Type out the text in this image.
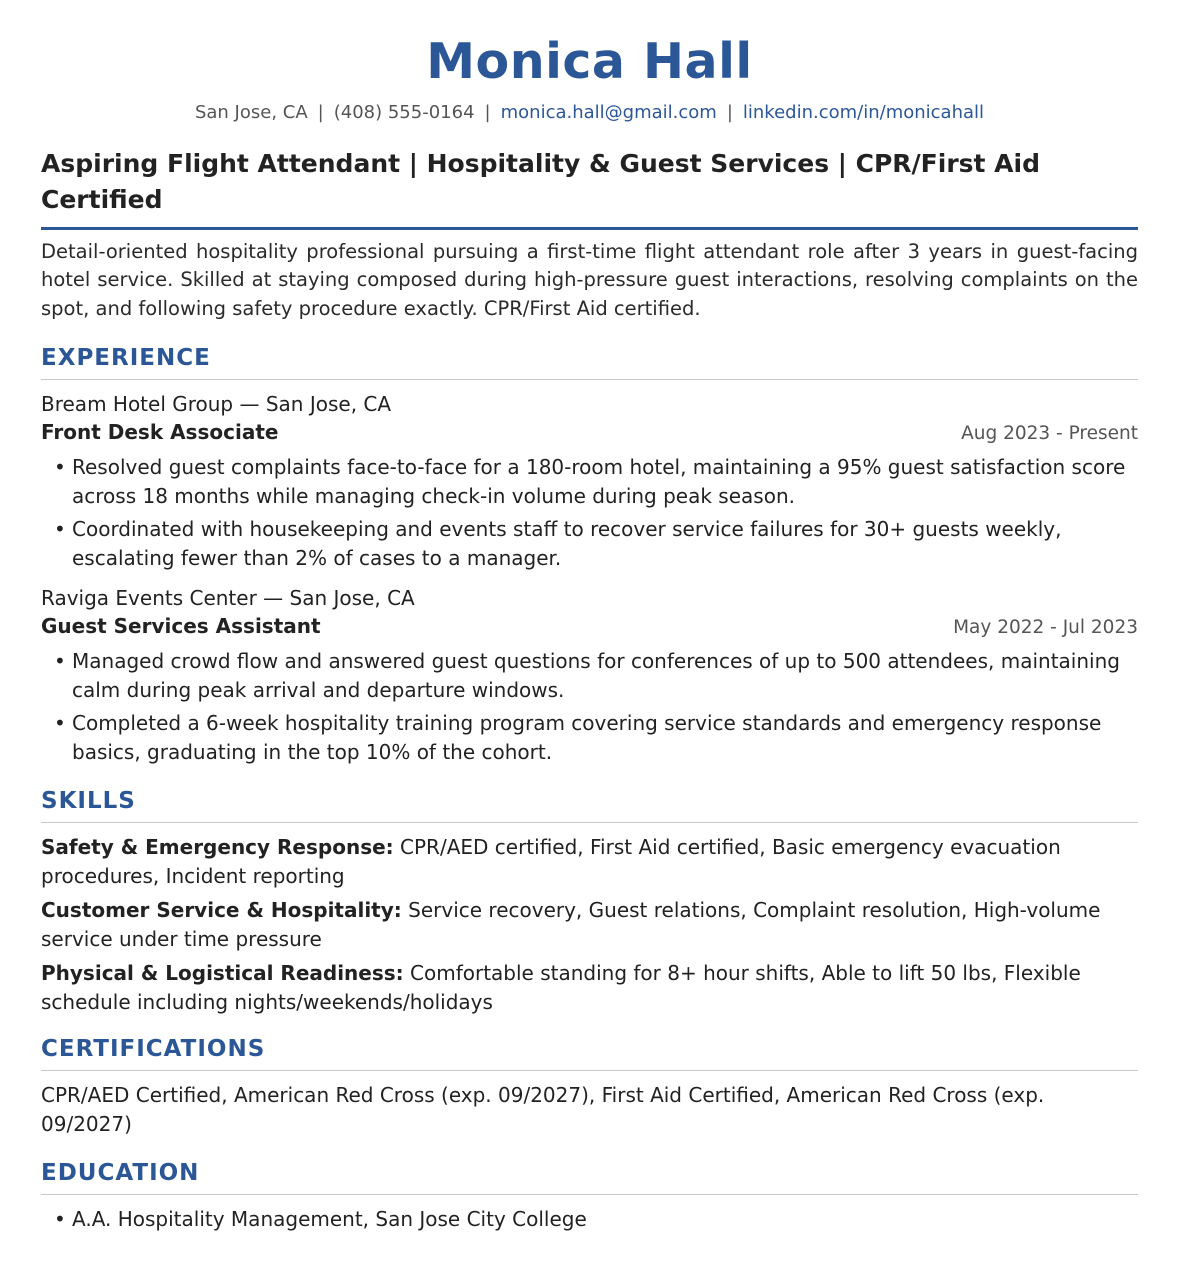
Monica Hall
San Jose, CA | (408) 555-0164 | monica.hall@gmail.com | linkedin.com/in/monicahall
Aspiring Flight Attendant | Hospitality & Guest Services | CPR/First Aid Certified
Detail-oriented hospitality professional pursuing a first-time flight attendant role after 3 years in guest-facing hotel service. Skilled at staying composed during high-pressure guest interactions, resolving complaints on the spot, and following safety procedure exactly. CPR/First Aid certified.
EXPERIENCE
Bream Hotel Group — San Jose, CA
Front Desk Associate	Aug 2023 - Present
• Resolved guest complaints face-to-face for a 180-room hotel, maintaining a 95% guest satisfaction score across 18 months while managing check-in volume during peak season.
• Coordinated with housekeeping and events staff to recover service failures for 30+ guests weekly, escalating fewer than 2% of cases to a manager.
Raviga Events Center — San Jose, CA
Guest Services Assistant	May 2022 - Jul 2023
• Managed crowd flow and answered guest questions for conferences of up to 500 attendees, maintaining calm during peak arrival and departure windows.
• Completed a 6-week hospitality training program covering service standards and emergency response basics, graduating in the top 10% of the cohort.
SKILLS
Safety & Emergency Response: CPR/AED certified, First Aid certified, Basic emergency evacuation procedures, Incident reporting
Customer Service & Hospitality: Service recovery, Guest relations, Complaint resolution, High-volume service under time pressure
Physical & Logistical Readiness: Comfortable standing for 8+ hour shifts, Able to lift 50 lbs, Flexible schedule including nights/weekends/holidays
CERTIFICATIONS
CPR/AED Certified, American Red Cross (exp. 09/2027), First Aid Certified, American Red Cross (exp. 09/2027)
EDUCATION
• A.A. Hospitality Management, San Jose City College
